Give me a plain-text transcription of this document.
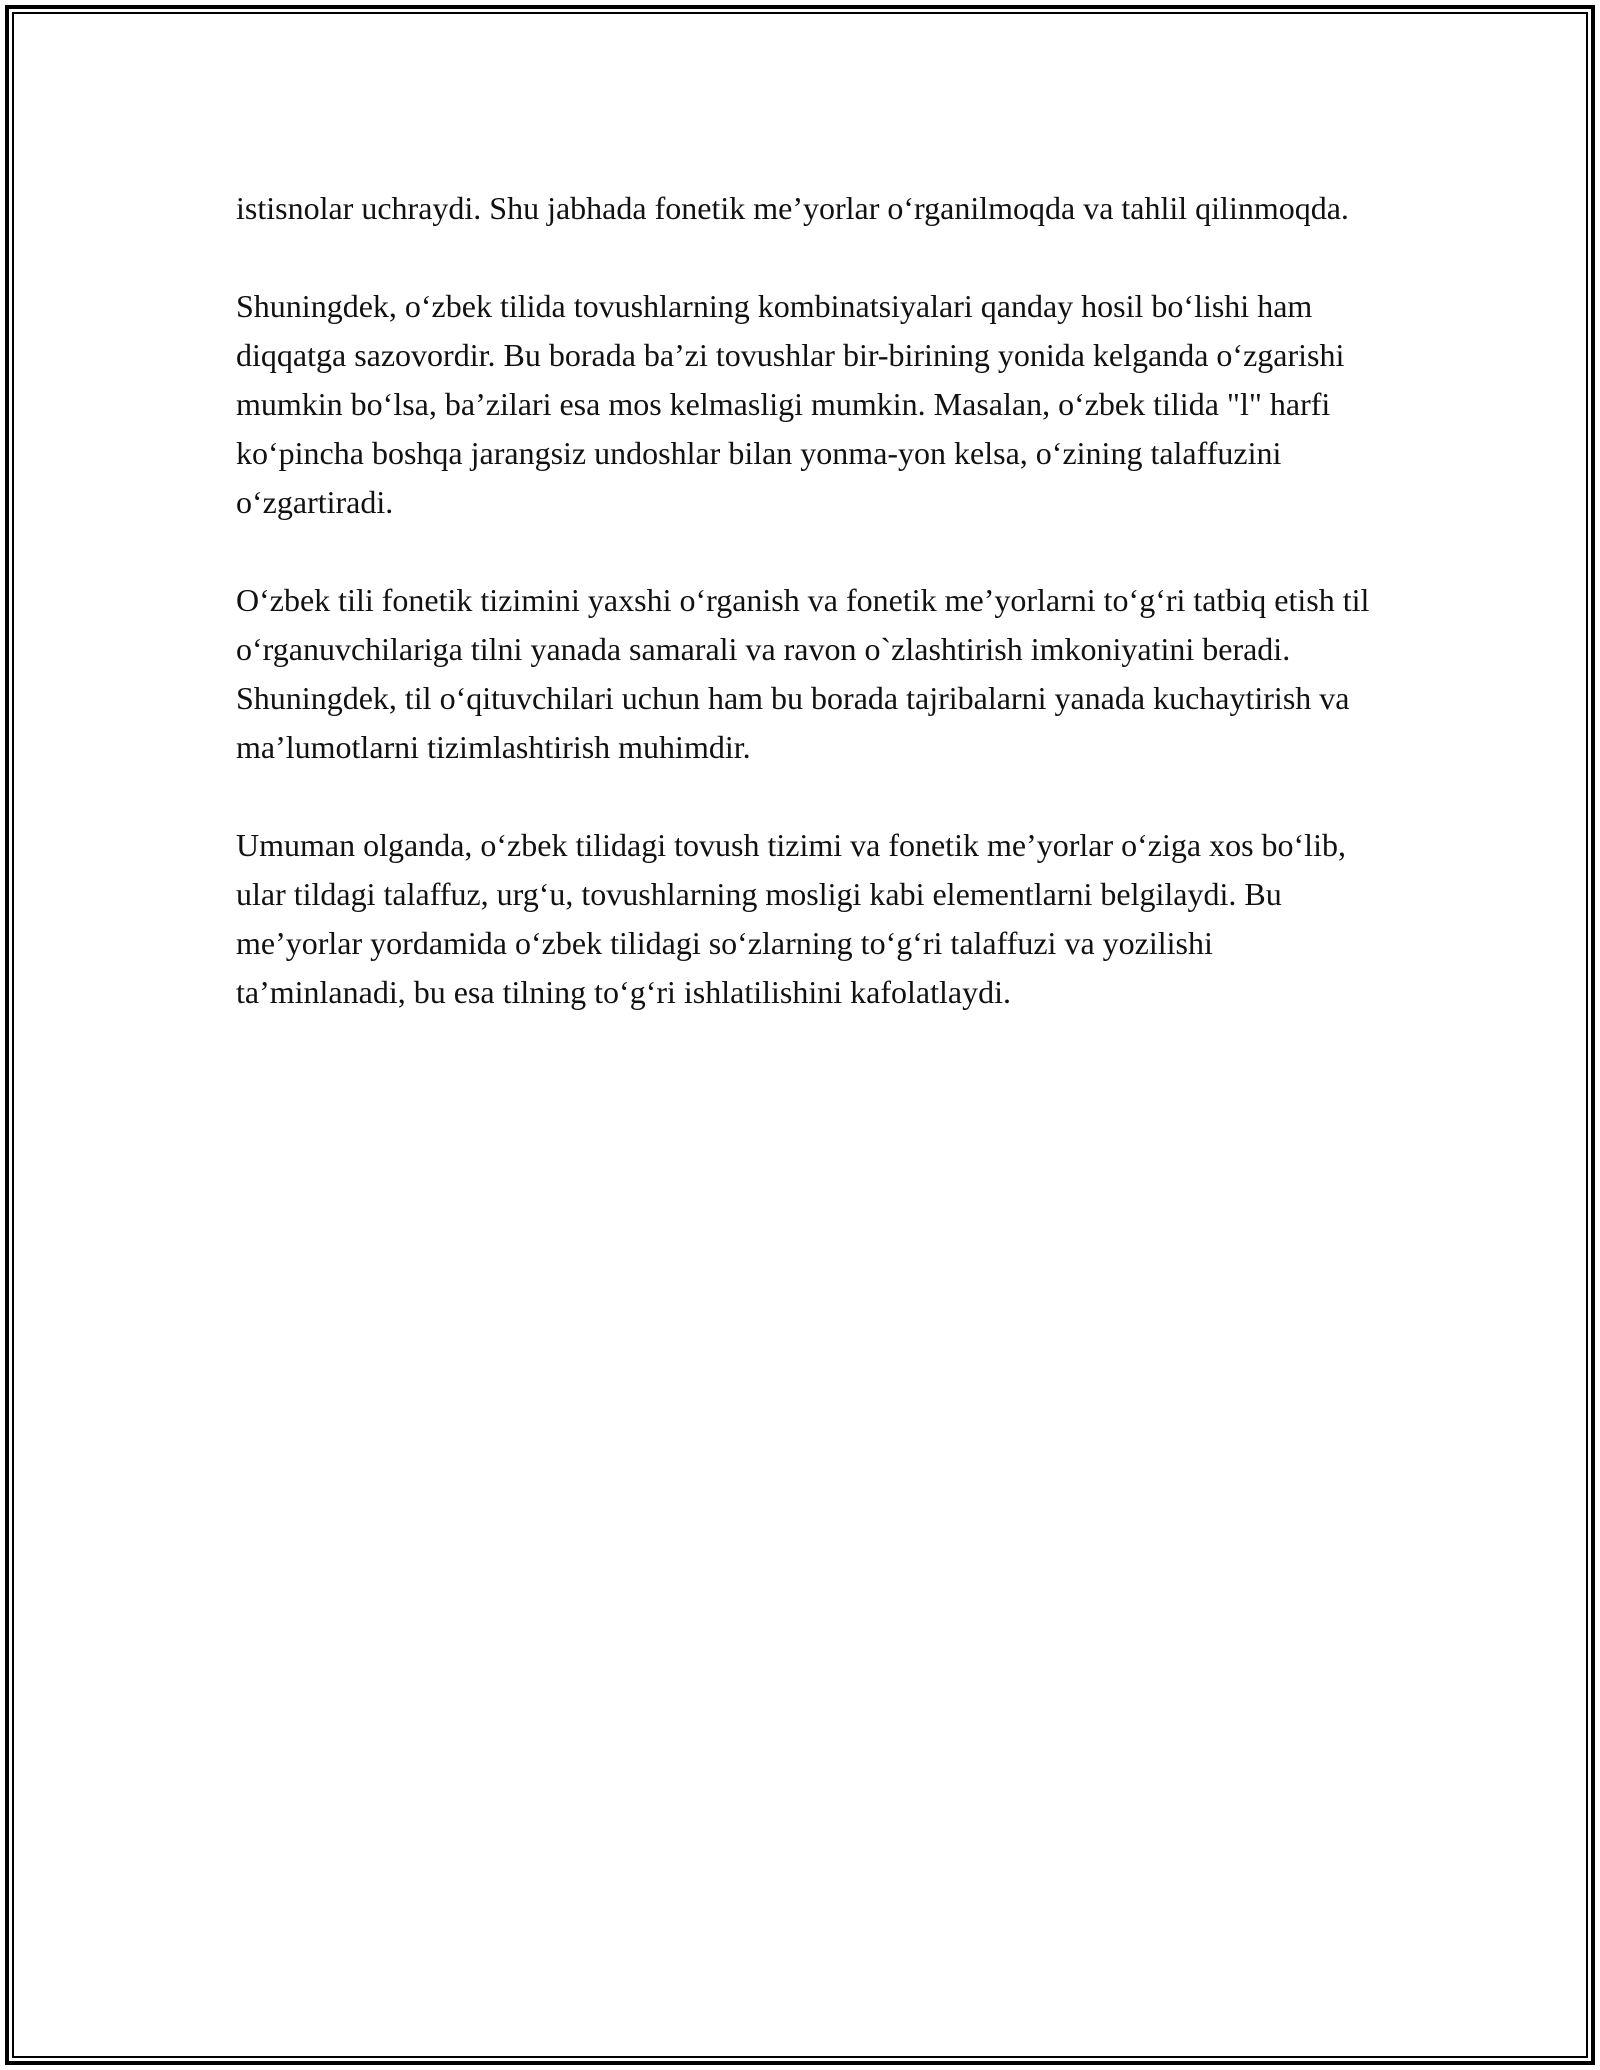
istisnolar uchraydi. Shu jabhada fonetik me’yorlar o‘rganilmoqda va tahlil qilinmoqda.

Shuningdek, o‘zbek tilida tovushlarning kombinatsiyalari qanday hosil bo‘lishi ham diqqatga sazovordir. Bu borada ba’zi tovushlar bir-birining yonida kelganda o‘zgarishi mumkin bo‘lsa, ba’zilari esa mos kelmasligi mumkin. Masalan, o‘zbek tilida "l" harfi ko‘pincha boshqa jarangsiz undoshlar bilan yonma-yon kelsa, o‘zining talaffuzini o‘zgartiradi.

O‘zbek tili fonetik tizimini yaxshi o‘rganish va fonetik me’yorlarni to‘g‘ri tatbiq etish til o‘rganuvchilariga tilni yanada samarali va ravon o`zlashtirish imkoniyatini beradi. Shuningdek, til o‘qituvchilari uchun ham bu borada tajribalarni yanada kuchaytirish va ma’lumotlarni tizimlashtirish muhimdir.

Umuman olganda, o‘zbek tilidagi tovush tizimi va fonetik me’yorlar o‘ziga xos bo‘lib, ular tildagi talaffuz, urg‘u, tovushlarning mosligi kabi elementlarni belgilaydi. Bu me’yorlar yordamida o‘zbek tilidagi so‘zlarning to‘g‘ri talaffuzi va yozilishi ta’minlanadi, bu esa tilning to‘g‘ri ishlatilishini kafolatlaydi.
